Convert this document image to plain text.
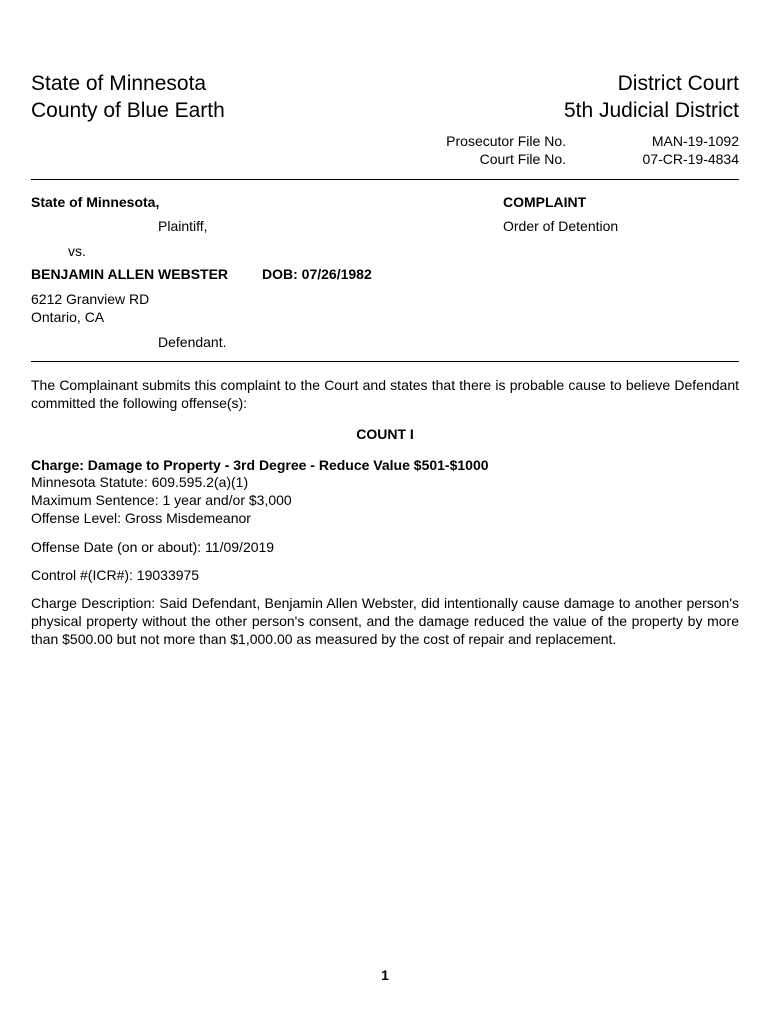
State of Minnesota
County of Blue Earth
District Court
5th Judicial District
Prosecutor File No.	MAN-19-1092
Court File No.	07-CR-19-4834
State of Minnesota,
Plaintiff,
vs.
BENJAMIN ALLEN WEBSTER DOB: 07/26/1982
6212 Granview RD
Ontario, CA
Defendant.
COMPLAINT
Order of Detention
The Complainant submits this complaint to the Court and states that there is probable cause to believe Defendant committed the following offense(s):
COUNT I
Charge: Damage to Property - 3rd Degree - Reduce Value $501-$1000
Minnesota Statute: 609.595.2(a)(1)
Maximum Sentence: 1 year and/or $3,000
Offense Level: Gross Misdemeanor
Offense Date (on or about): 11/09/2019
Control #(ICR#): 19033975
Charge Description: Said Defendant, Benjamin Allen Webster, did intentionally cause damage to another person's physical property without the other person's consent, and the damage reduced the value of the property by more than $500.00 but not more than $1,000.00 as measured by the cost of repair and replacement.
1
